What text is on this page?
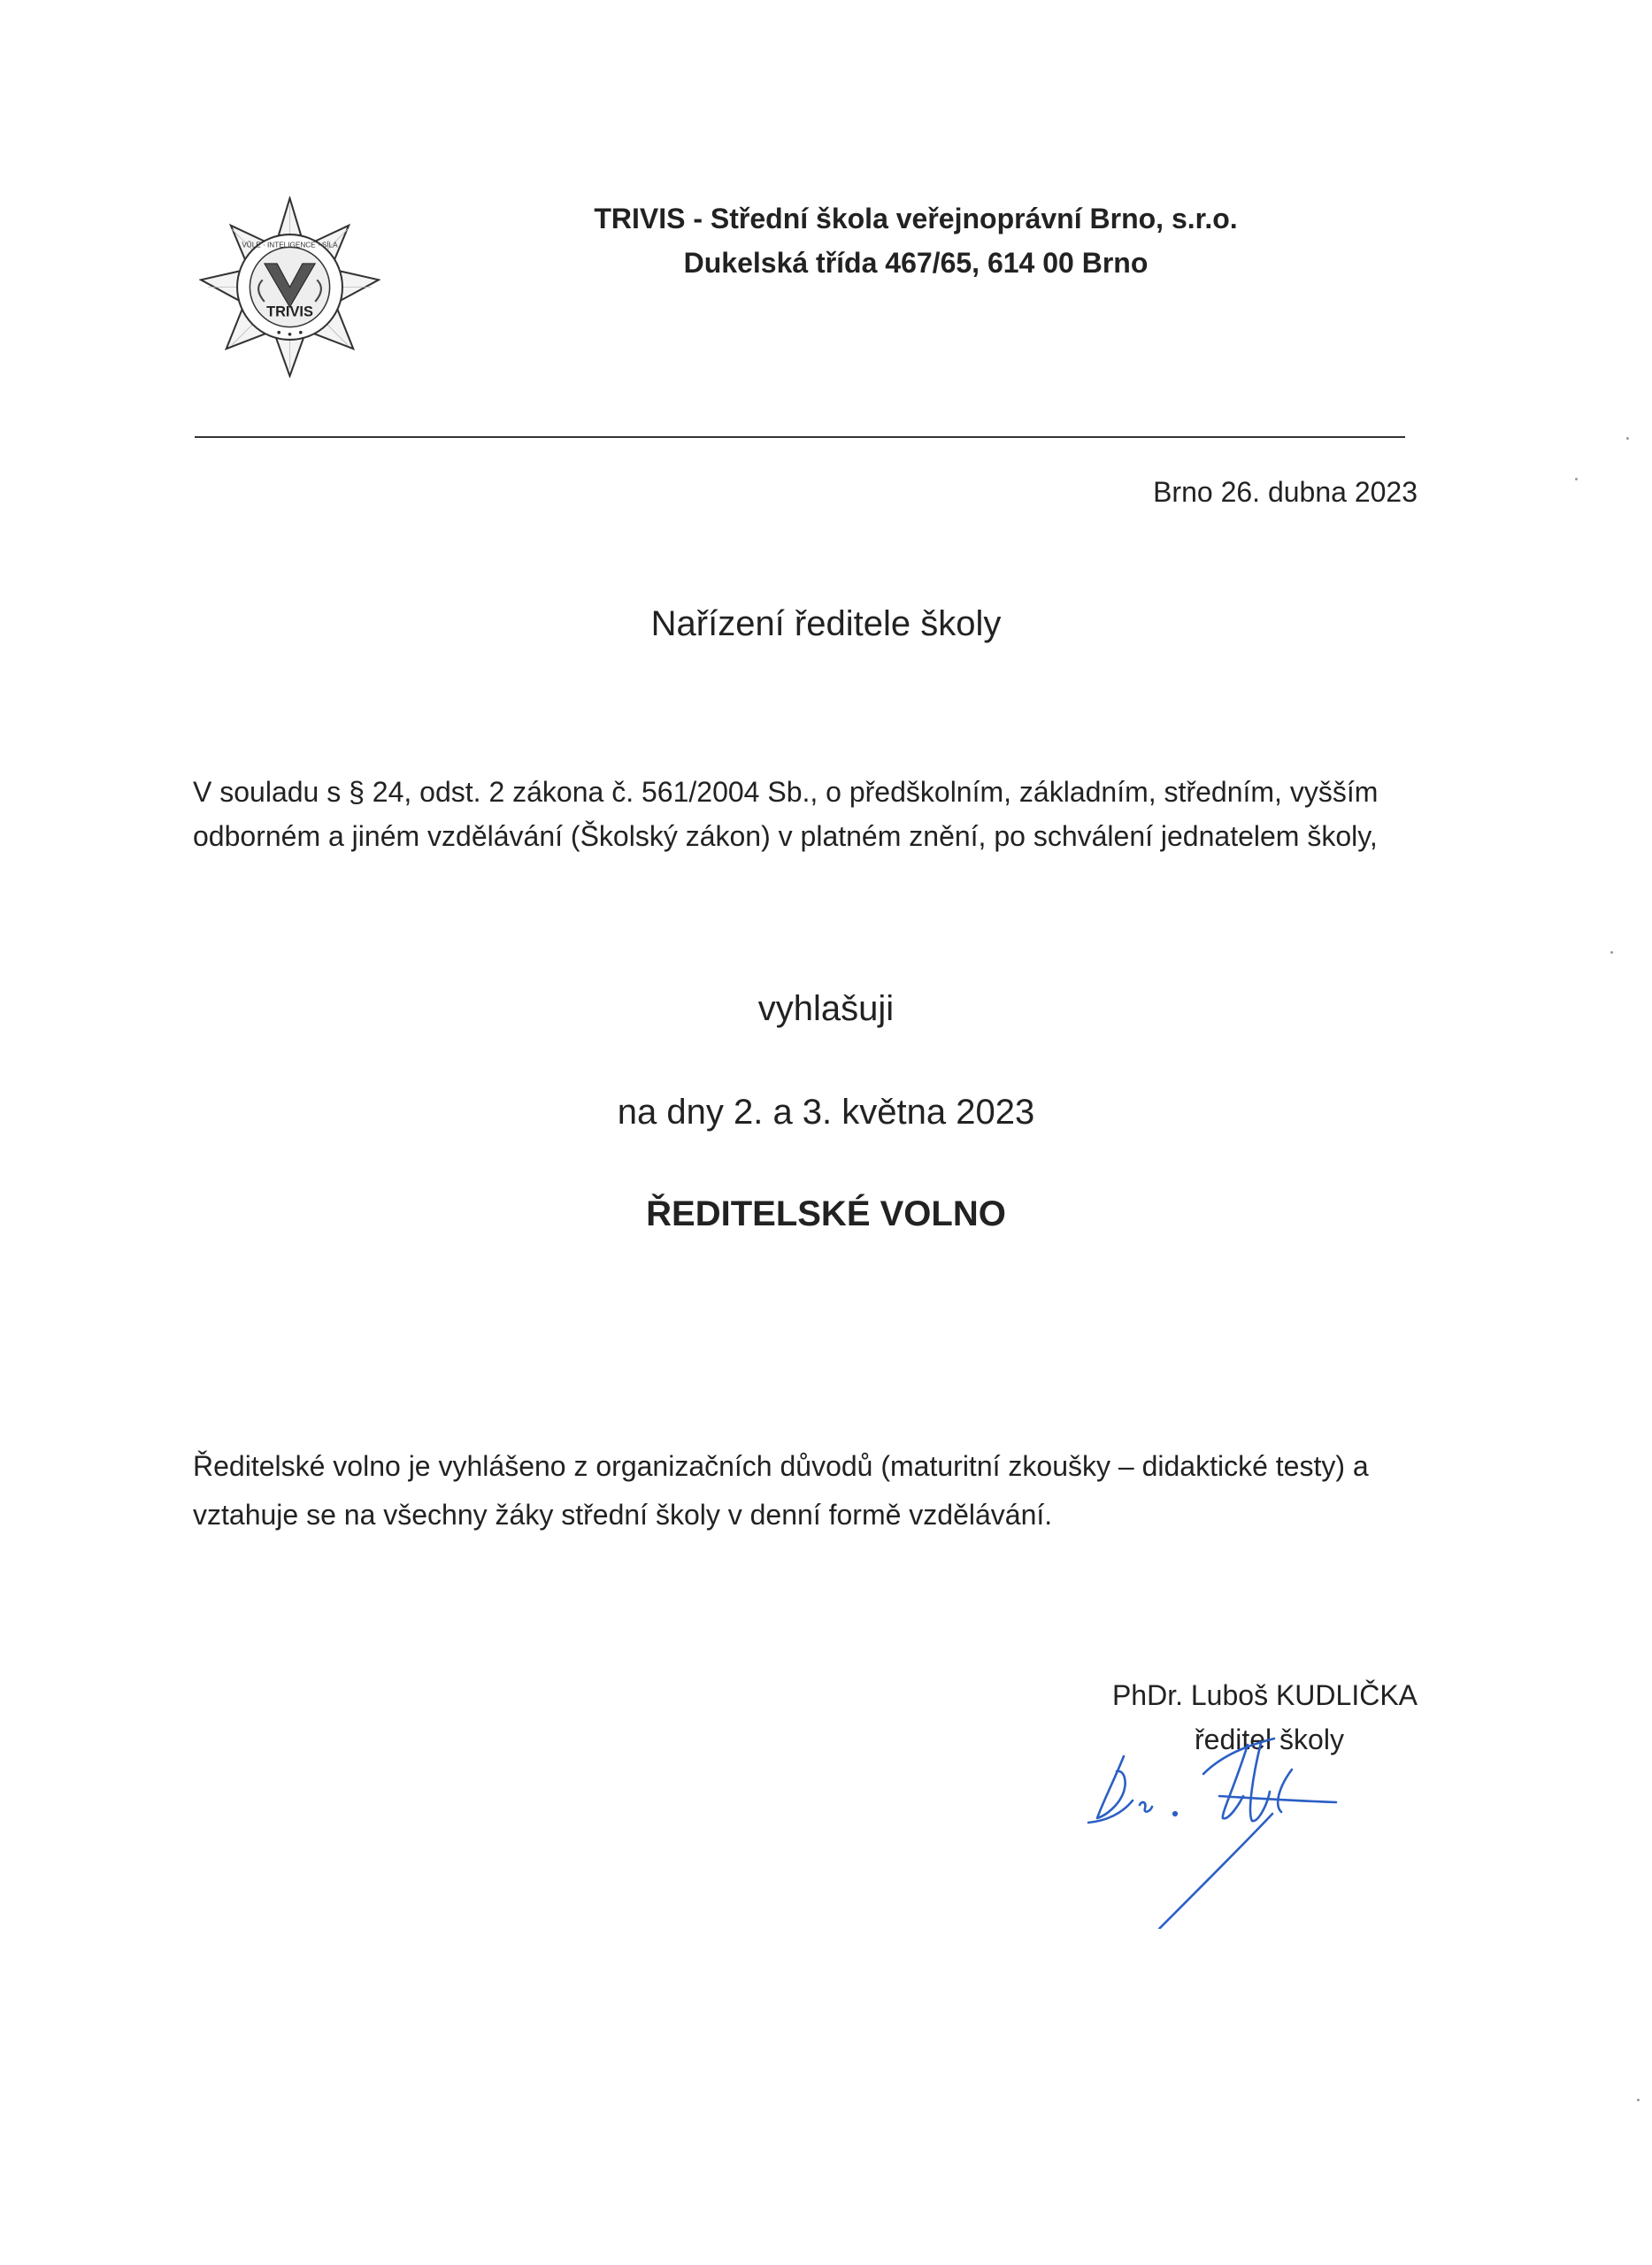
TRIVIS
VŮLE · INTELIGENCE · SÍLA
TRIVIS - Střední škola veřejnoprávní Brno, s.r.o.
Dukelská třída 467/65, 614 00 Brno
Brno 26. dubna 2023
Nařízení ředitele školy
V souladu s § 24, odst. 2 zákona č. 561/2004 Sb., o předškolním, základním, středním, vyšším odborném a jiném vzdělávání (Školský zákon) v platném znění, po schválení jednatelem školy,
vyhlašuji
na dny 2. a 3. května 2023
ŘEDITELSKÉ VOLNO
Ředitelské volno je vyhlášeno z organizačních důvodů (maturitní zkoušky – didaktické testy) a vztahuje se na všechny žáky střední školy v denní formě vzdělávání.
PhDr. Luboš KUDLIČKA
ředitel školy
